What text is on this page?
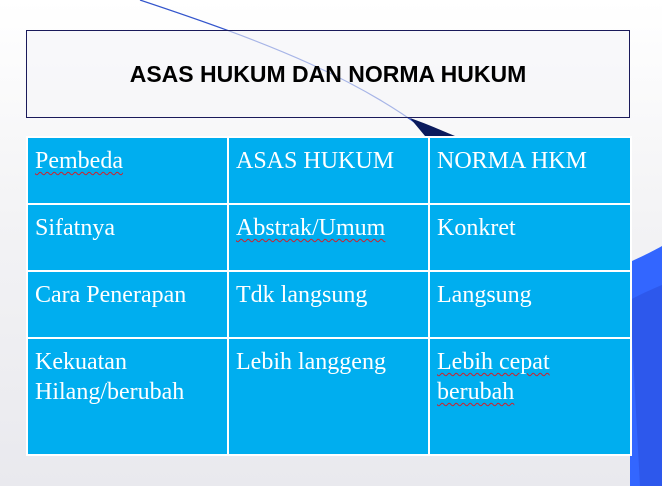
ASAS HUKUM DAN NORMA HUKUM
Pembeda	ASAS HUKUM	NORMA HKM
Sifatnya	Abstrak/Umum	Konkret
Cara Penerapan	Tdk langsung	Langsung
Kekuatan Hilang/berubah	Lebih langgeng	Lebih cepat berubah
